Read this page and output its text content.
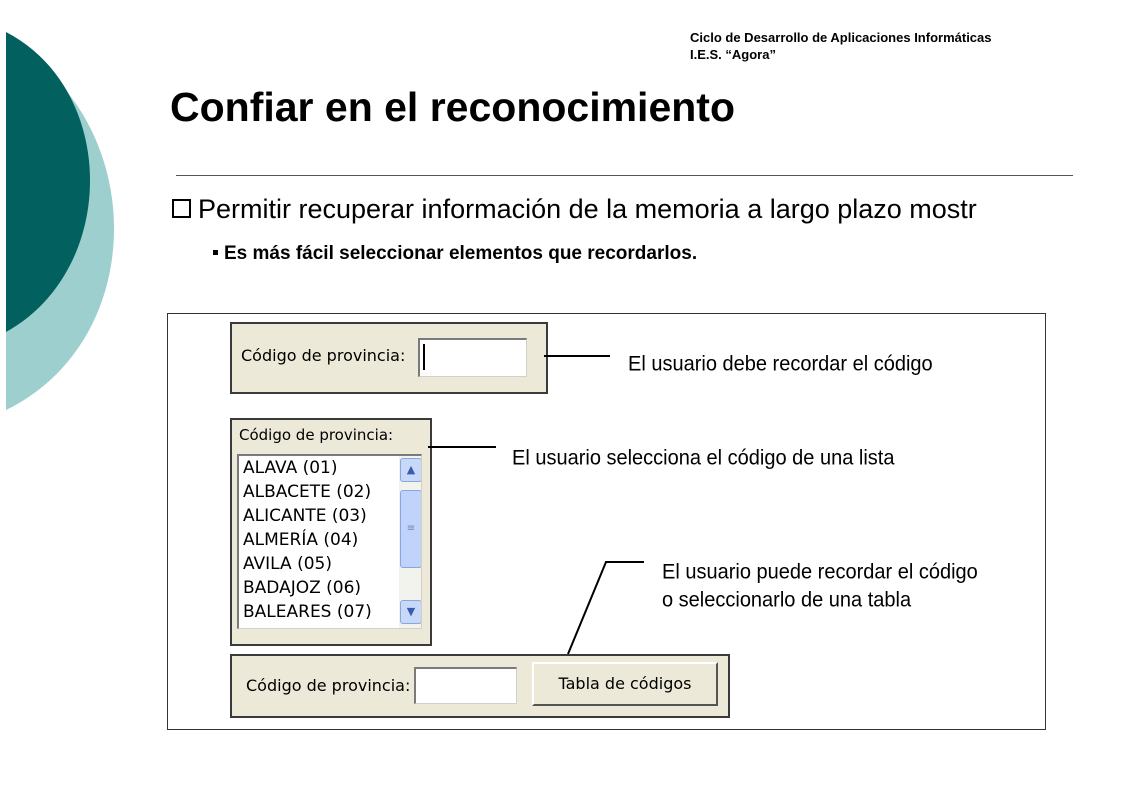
Ciclo de Desarrollo de Aplicaciones Informáticas
I.E.S. “Agora”
Confiar en el reconocimiento
Permitir recuperar información de la memoria a largo plazo mostr
Es más fácil seleccionar elementos que recordarlos.
Código de provincia:
Código de provincia:
ALAVA (01)
ALBACETE (02)
ALICANTE (03)
ALMERÍA (04)
AVILA (05)
BADAJOZ (06)
BALEARES (07)
▲
≡
▼
Código de provincia:	Tabla de códigos
El usuario debe recordar el código
El usuario selecciona el código de una lista
El usuario puede recordar el código
o seleccionarlo de una tabla
